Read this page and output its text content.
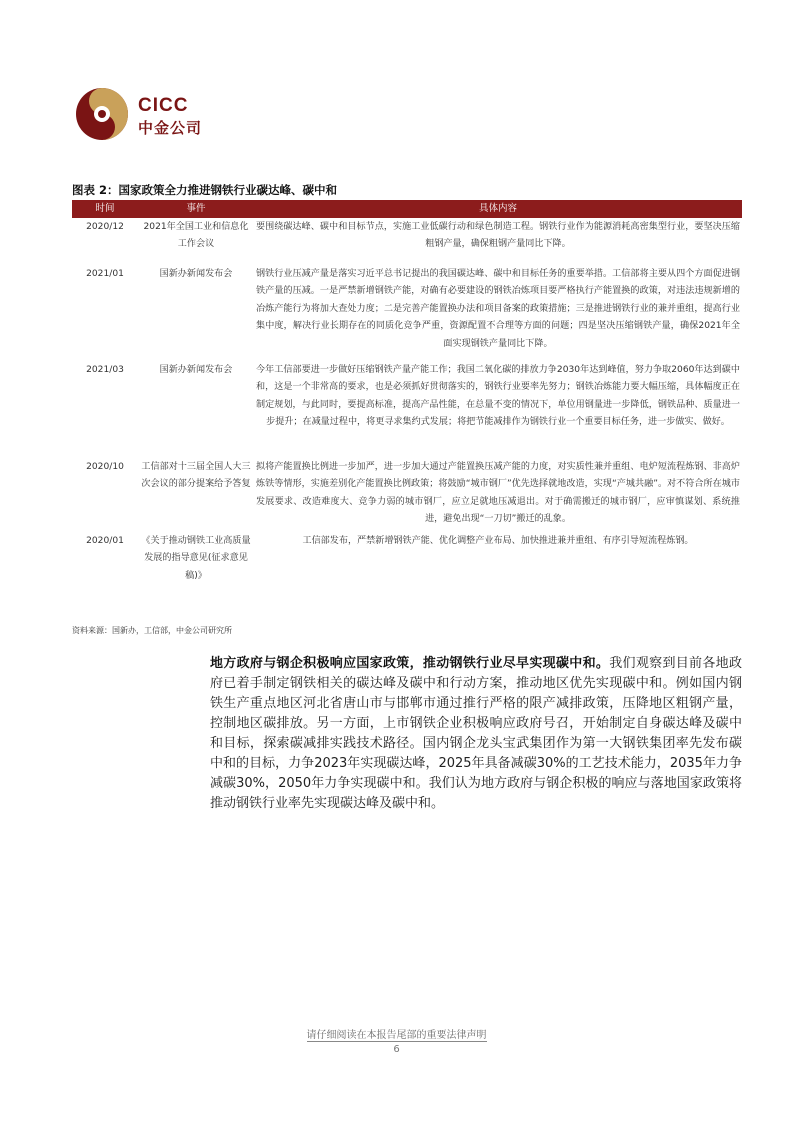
CICC
中金公司
图表 2：国家政策全力推进钢铁行业碳达峰、碳中和
时间	事件	具体内容
2020/12	2021年全国工业和信息化工作会议	要围绕碳达峰、碳中和目标节点，实施工业低碳行动和绿色制造工程。钢铁行业作为能源消耗高密集型行业，要坚决压缩粗钢产量，确保粗钢产量同比下降。
2021/01	国新办新闻发布会	钢铁行业压减产量是落实习近平总书记提出的我国碳达峰、碳中和目标任务的重要举措。工信部将主要从四个方面促进钢铁产量的压减。一是严禁新增钢铁产能，对确有必要建设的钢铁冶炼项目要严格执行产能置换的政策，对违法违规新增的冶炼产能行为将加大查处力度；二是完善产能置换办法和项目备案的政策措施；三是推进钢铁行业的兼并重组，提高行业集中度，解决行业长期存在的同质化竞争严重，资源配置不合理等方面的问题；四是坚决压缩钢铁产量，确保2021年全面实现钢铁产量同比下降。
2021/03	国新办新闻发布会	今年工信部要进一步做好压缩钢铁产量产能工作；我国二氧化碳的排放力争2030年达到峰值，努力争取2060年达到碳中和，这是一个非常高的要求，也是必须抓好贯彻落实的，钢铁行业要率先努力；钢铁冶炼能力要大幅压缩，具体幅度正在制定规划，与此同时，要提高标准，提高产品性能，在总量不变的情况下，单位用钢量进一步降低，钢铁品种、质量进一步提升；在减量过程中，将更寻求集约式发展；将把节能减排作为钢铁行业一个重要目标任务，进一步做实、做好。
2020/10	工信部对十三届全国人大三次会议的部分提案给予答复	拟将产能置换比例进一步加严，进一步加大通过产能置换压减产能的力度，对实质性兼并重组、电炉短流程炼钢、非高炉炼铁等情形，实施差别化产能置换比例政策；将鼓励“城市钢厂”优先选择就地改造，实现“产城共融”。对不符合所在城市发展要求、改造难度大、竞争力弱的城市钢厂，应立足就地压减退出。对于确需搬迁的城市钢厂，应审慎谋划、系统推进，避免出现“一刀切”搬迁的乱象。
2020/01	《关于推动钢铁工业高质量发展的指导意见(征求意见稿)》	工信部发布，严禁新增钢铁产能、优化调整产业布局、加快推进兼并重组、有序引导短流程炼钢。
资料来源：国新办，工信部，中金公司研究所
地方政府与钢企积极响应国家政策，推动钢铁行业尽早实现碳中和。我们观察到目前各地政府已着手制定钢铁相关的碳达峰及碳中和行动方案，推动地区优先实现碳中和。例如国内钢铁生产重点地区河北省唐山市与邯郸市通过推行严格的限产减排政策，压降地区粗钢产量，控制地区碳排放。另一方面，上市钢铁企业积极响应政府号召，开始制定自身碳达峰及碳中和目标，探索碳减排实践技术路径。国内钢企龙头宝武集团作为第一大钢铁集团率先发布碳中和的目标，力争2023年实现碳达峰，2025年具备减碳30%的工艺技术能力，2035年力争减碳30%，2050年力争实现碳中和。我们认为地方政府与钢企积极的响应与落地国家政策将推动钢铁行业率先实现碳达峰及碳中和。
请仔细阅读在本报告尾部的重要法律声明
6
